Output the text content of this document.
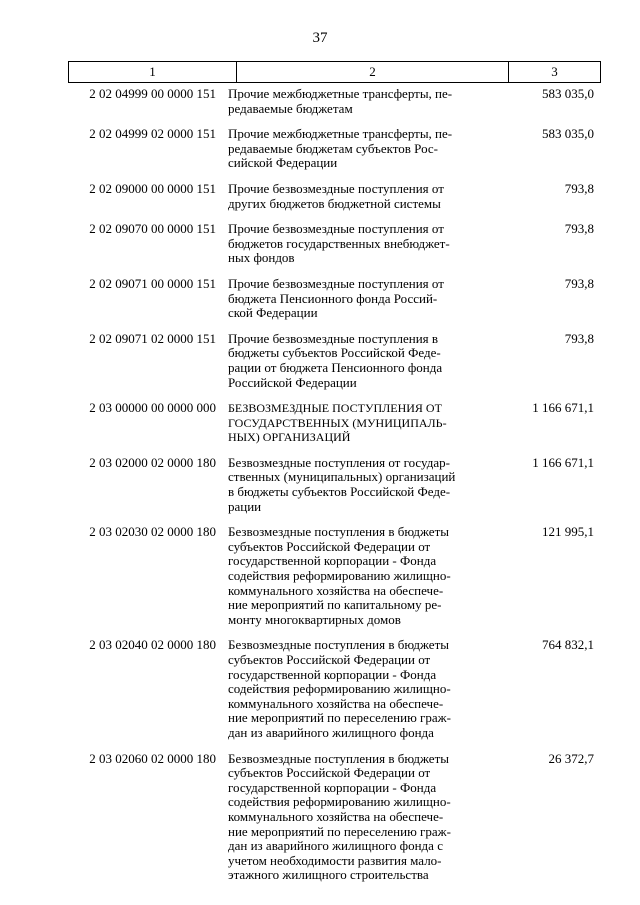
37
1	2	3
2 02 04999 00 0000 151 Прочие межбюджетные трансферты, пе-
редаваемые бюджетам
583 035,0
2 02 04999 02 0000 151 Прочие межбюджетные трансферты, пе-
редаваемые бюджетам субъектов Рос-
сийской Федерации
583 035,0
2 02 09000 00 0000 151 Прочие безвозмездные поступления от
других бюджетов бюджетной системы
793,8
2 02 09070 00 0000 151 Прочие безвозмездные поступления от
бюджетов государственных внебюджет-
ных фондов
793,8
2 02 09071 00 0000 151 Прочие безвозмездные поступления от
бюджета Пенсионного фонда Россий-
ской Федерации
793,8
2 02 09071 02 0000 151 Прочие безвозмездные поступления в
бюджеты субъектов Российской Феде-
рации от бюджета Пенсионного фонда
Российской Федерации
793,8
2 03 00000 00 0000 000	БЕЗВОЗМЕЗДНЫЕ ПОСТУПЛЕНИЯ ОТ
ГОСУДАРСТВЕННЫХ (МУНИЦИПАЛЬ-
НЫХ) ОРГАНИЗАЦИЙ
1 166 671,1
2 03 02000 02 0000 180 Безвозмездные поступления от государ-
ственных (муниципальных) организаций
в бюджеты субъектов Российской Феде-
рации
1 166 671,1
2 03 02030 02 0000 180 Безвозмездные поступления в бюджеты
субъектов Российской Федерации от
государственной корпорации - Фонда
содействия реформированию жилищно-
коммунального хозяйства на обеспече-
ние мероприятий по капитальному ре-
монту многоквартирных домов
121 995,1
2 03 02040 02 0000 180 Безвозмездные поступления в бюджеты
субъектов Российской Федерации от
государственной корпорации - Фонда
содействия реформированию жилищно-
коммунального хозяйства на обеспече-
ние мероприятий по переселению граж-
дан из аварийного жилищного фонда
764 832,1
2 03 02060 02 0000 180 Безвозмездные поступления в бюджеты
субъектов Российской Федерации от
государственной корпорации - Фонда
содействия реформированию жилищно-
коммунального хозяйства на обеспече-
ние мероприятий по переселению граж-
дан из аварийного жилищного фонда с
учетом необходимости развития мало-
этажного жилищного строительства
26 372,7
